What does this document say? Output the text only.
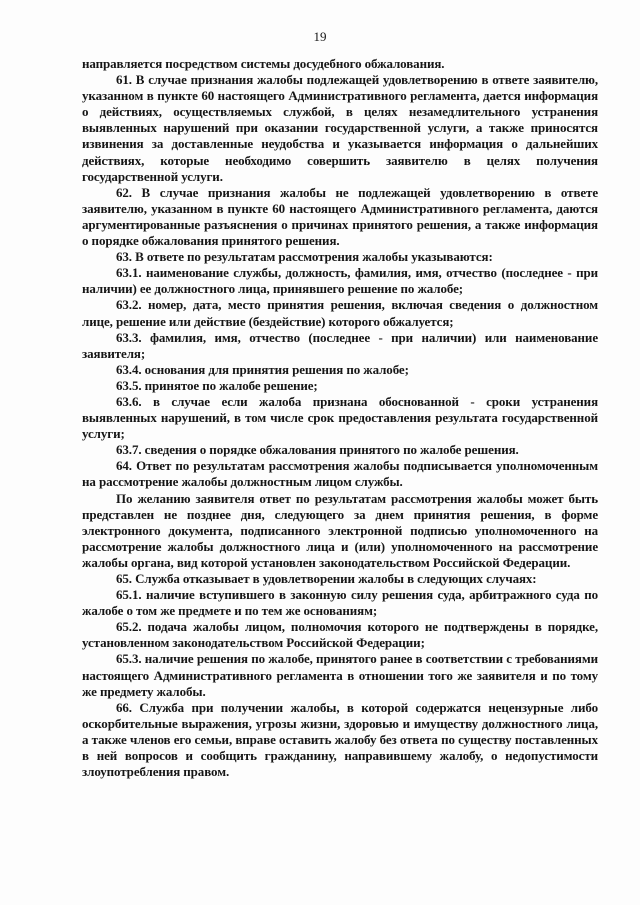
19

направляется посредством системы досудебного обжалования.

61. В случае признания жалобы подлежащей удовлетворению в ответе заявителю, указанном в пункте 60 настоящего Административного регламента, дается информация о действиях, осуществляемых службой, в целях незамедлительного устранения выявленных нарушений при оказании государственной услуги, а также приносятся извинения за доставленные неудобства и указывается информация о дальнейших действиях, которые необходимо совершить заявителю в целях получения государственной услуги.

62. В случае признания жалобы не подлежащей удовлетворению в ответе заявителю, указанном в пункте 60 настоящего Административного регламента, даются аргументированные разъяснения о причинах принятого решения, а также информация о порядке обжалования принятого решения.

63. В ответе по результатам рассмотрения жалобы указываются:

63.1. наименование службы, должность, фамилия, имя, отчество (последнее - при наличии) ее должностного лица, принявшего решение по жалобе;

63.2. номер, дата, место принятия решения, включая сведения о должностном лице, решение или действие (бездействие) которого обжалуется;

63.3. фамилия, имя, отчество (последнее - при наличии) или наименование заявителя;

63.4. основания для принятия решения по жалобе;

63.5. принятое по жалобе решение;

63.6. в случае если жалоба признана обоснованной - сроки устранения выявленных нарушений, в том числе срок предоставления результата государственной услуги;

63.7. сведения о порядке обжалования принятого по жалобе решения.

64. Ответ по результатам рассмотрения жалобы подписывается уполномоченным на рассмотрение жалобы должностным лицом службы.

По желанию заявителя ответ по результатам рассмотрения жалобы может быть представлен не позднее дня, следующего за днем принятия решения, в форме электронного документа, подписанного электронной подписью уполномоченного на рассмотрение жалобы должностного лица и (или) уполномоченного на рассмотрение жалобы органа, вид которой установлен законодательством Российской Федерации.

65. Служба отказывает в удовлетворении жалобы в следующих случаях:

65.1. наличие вступившего в законную силу решения суда, арбитражного суда по жалобе о том же предмете и по тем же основаниям;

65.2. подача жалобы лицом, полномочия которого не подтверждены в порядке, установленном законодательством Российской Федерации;

65.3. наличие решения по жалобе, принятого ранее в соответствии с требованиями настоящего Административного регламента в отношении того же заявителя и по тому же предмету жалобы.

66. Служба при получении жалобы, в которой содержатся нецензурные либо оскорбительные выражения, угрозы жизни, здоровью и имуществу должностного лица, а также членов его семьи, вправе оставить жалобу без ответа по существу поставленных в ней вопросов и сообщить гражданину, направившему жалобу, о недопустимости злоупотребления правом.
